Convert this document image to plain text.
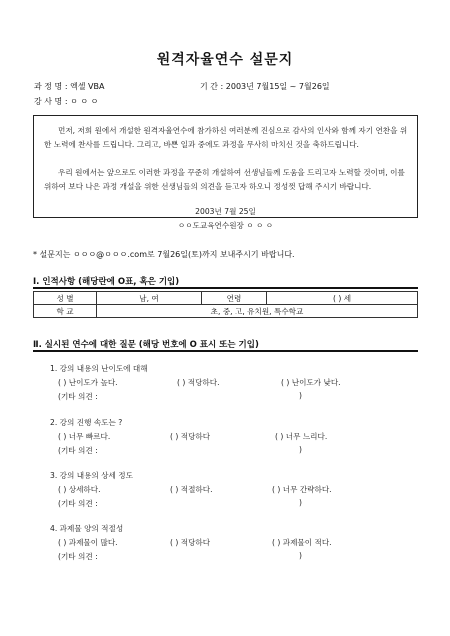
원격자율연수 설문지
과 정 명 : 엑셀 VBA	기 간 : 2003년 7월15일 ~ 7월26일
강 사 명 : ㅇ ㅇ ㅇ
먼저, 저희 원에서 개설한 원격자율연수에 참가하신 여러분께 진심으로 감사의 인사와 함께 자기 연찬을 위한 노력에 찬사를 드립니다. 그리고, 바쁜 일과 중에도 과정을 무사히 마치신 것을 축하드립니다.
우리 원에서는 앞으로도 이러한 과정을 꾸준히 개설하여 선생님들께 도움을 드리고자 노력할 것이며, 이를 위하여 보다 나은 과정 개설을 위한 선생님들의 의견을 듣고자 하오니 정성껏 답해 주시기 바랍니다.
2003년 7월 25일
ㅇㅇ도교육연수원장 ㅇ ㅇ ㅇ
* 설문지는 ㅇㅇㅇ@ㅇㅇㅇ.com로 7월26일(토)까지 보내주시기 바랍니다.
Ⅰ. 인적사항 (해당란에 O표, 혹은 기입)
성 별	남, 여	연령	( ) 세
학 교	초, 중, 고, 유치원, 특수학교		
Ⅱ. 실시된 연수에 대한 질문 (해당 번호에 O 표시 또는 기입)
1. 강의 내용의 난이도에 대해
( ) 난이도가 높다.	( ) 적당하다.	( ) 난이도가 낮다.
(기타 의견 :	)
2. 강의 진행 속도는 ?
( ) 너무 빠르다.	( ) 적당하다	( ) 너무 느리다.
(기타 의견 :	)
3. 강의 내용의 상세 정도
( ) 상세하다.	( ) 적절하다.	( ) 너무 간략하다.
(기타 의견 :	)
4. 과제물 양의 적절성
( ) 과제물이 많다.	( ) 적당하다	( ) 과제물이 적다.
(기타 의견 :	)
